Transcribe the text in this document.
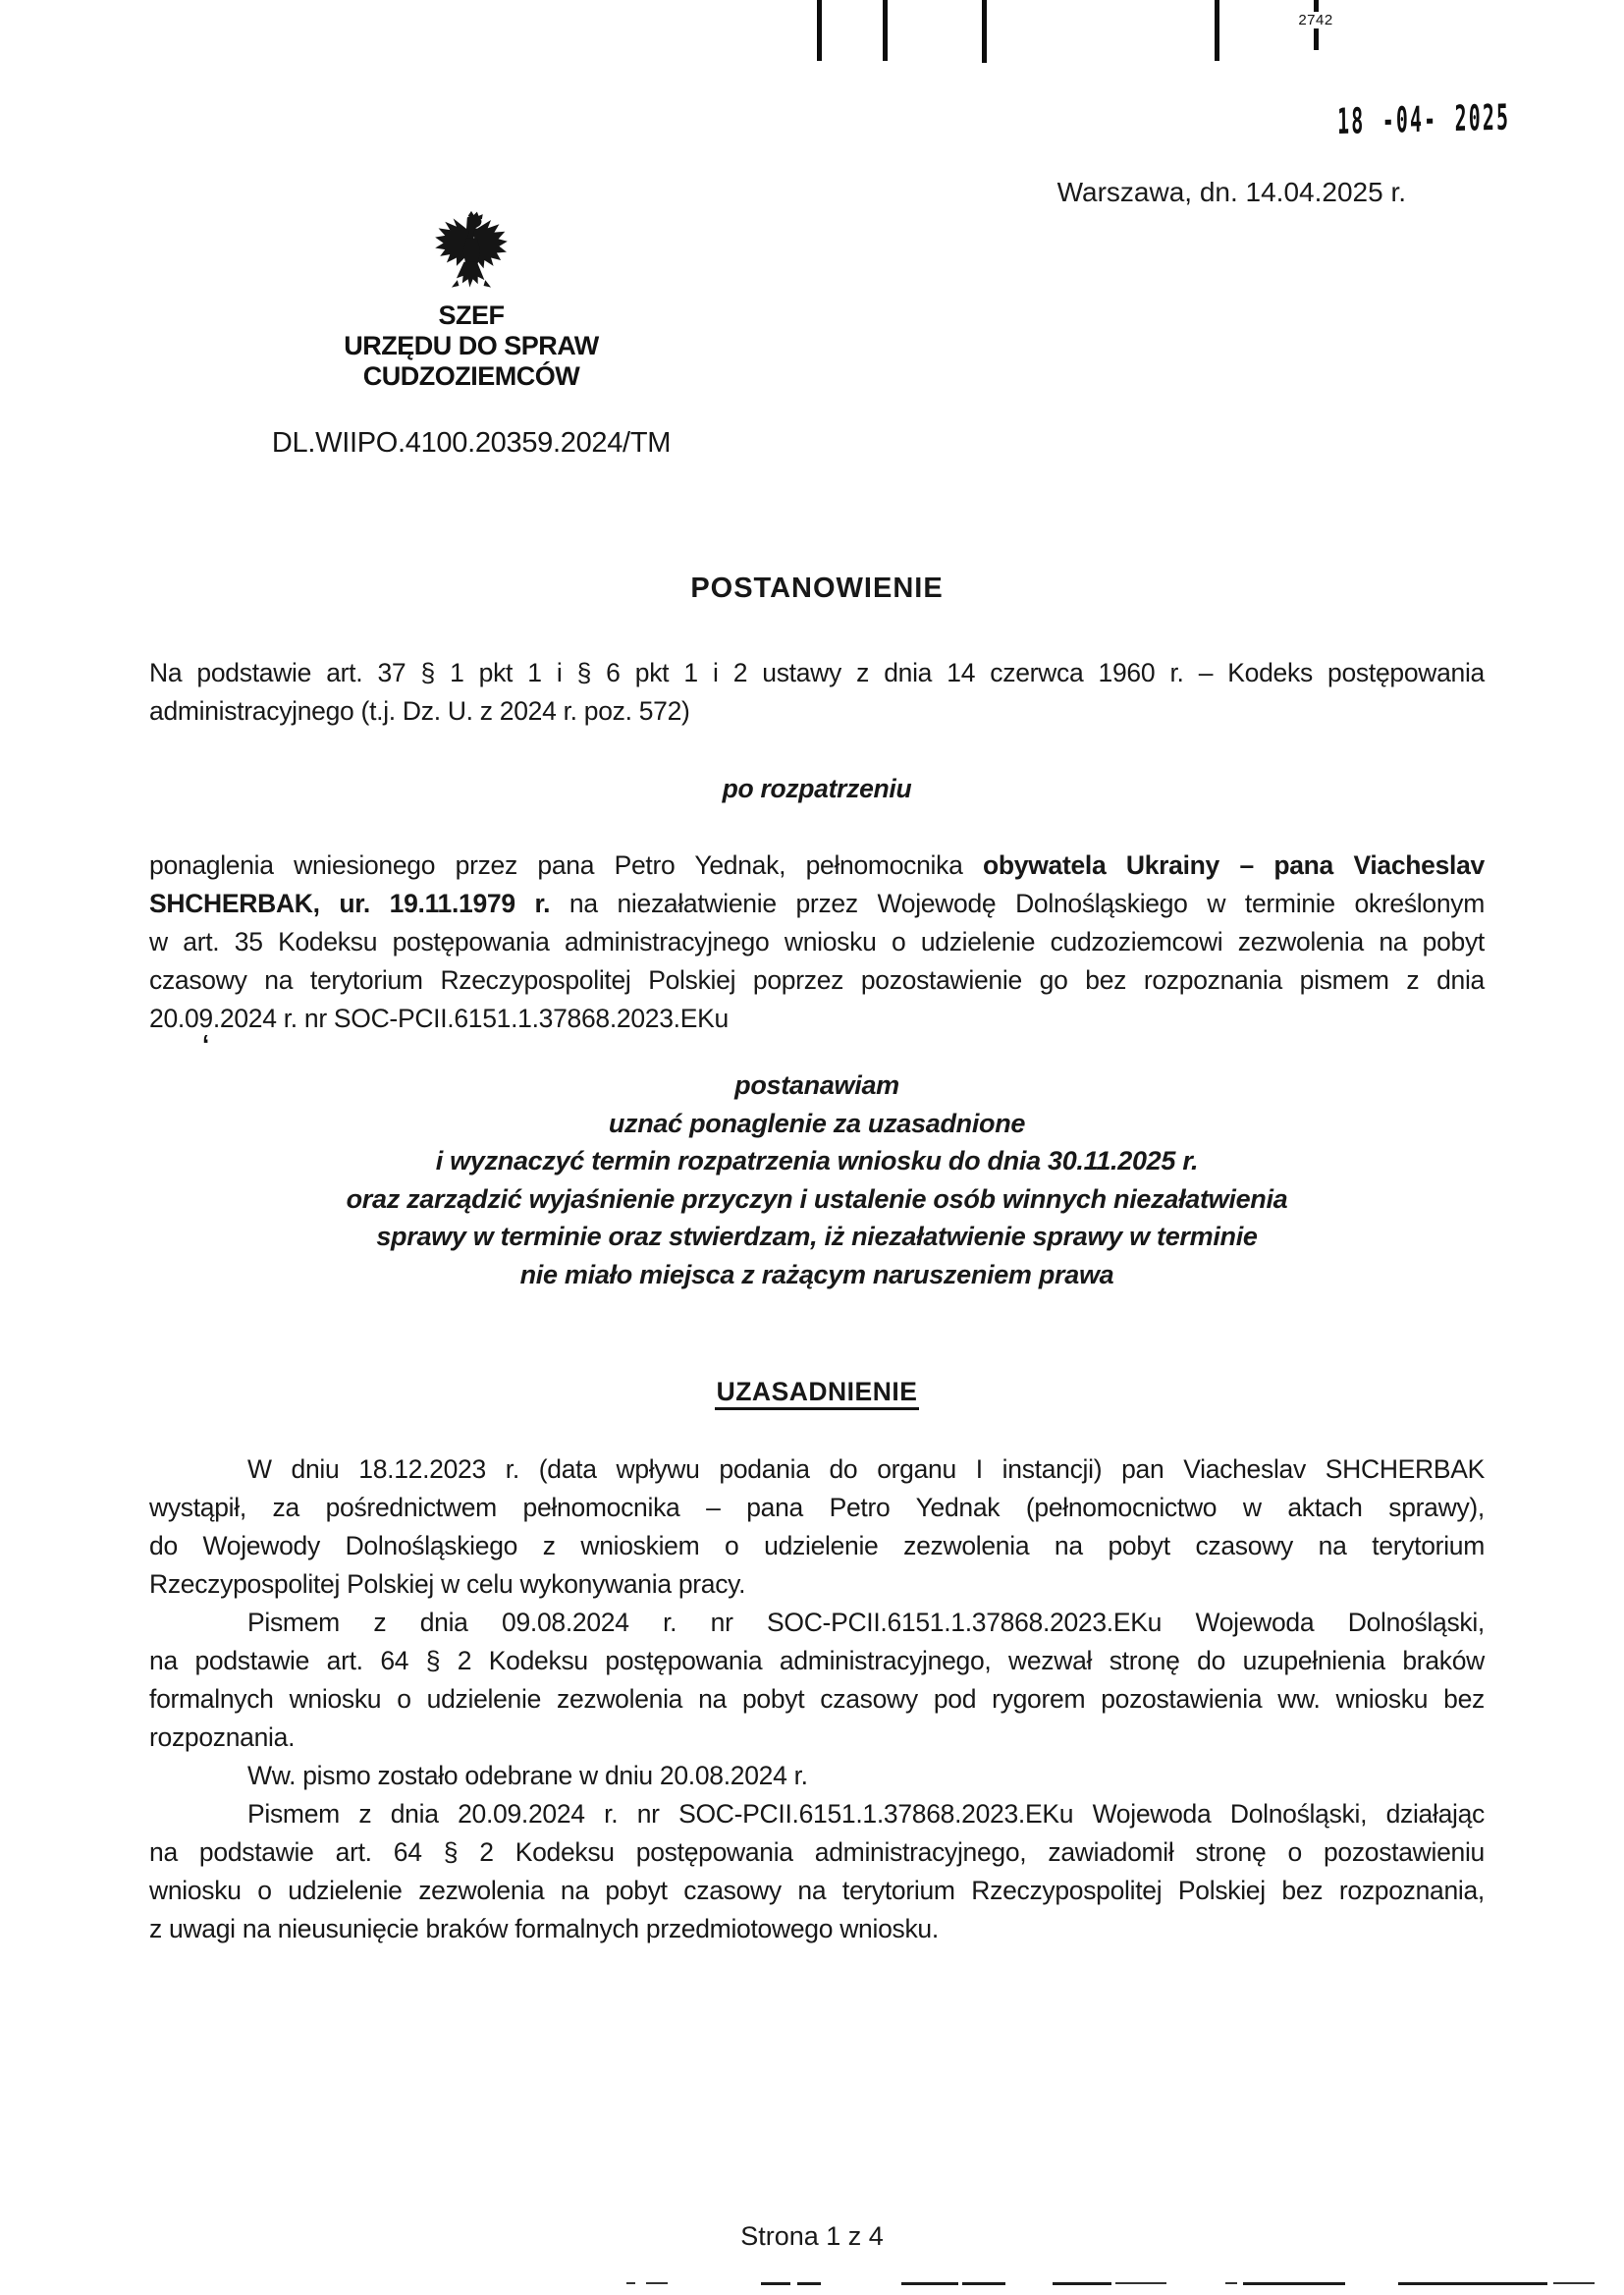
2742
18 -04- 2025
Warszawa, dn. 14.04.2025 r.
SZEF
URZĘDU DO SPRAW CUDZOZIEMCÓW
DL.WIIPO.4100.20359.2024/TM
POSTANOWIENIE
Na podstawie art. 37 § 1 pkt 1 i § 6 pkt 1 i 2 ustawy z dnia 14 czerwca 1960 r. – Kodeks postępowania
administracyjnego (t.j. Dz. U. z 2024 r. poz. 572)
po rozpatrzeniu
ponaglenia wniesionego przez pana Petro Yednak, pełnomocnika obywatela Ukrainy – pana Viacheslav
SHCHERBAK, ur. 19.11.1979 r. na niezałatwienie przez Wojewodę Dolnośląskiego w terminie określonym
w art. 35 Kodeksu postępowania administracyjnego wniosku o udzielenie cudzoziemcowi zezwolenia na pobyt
czasowy na terytorium Rzeczypospolitej Polskiej poprzez pozostawienie go bez rozpoznania pismem z dnia
20.09.2024 r. nr SOC-PCII.6151.1.37868.2023.EKu
postanawiam
uznać ponaglenie za uzasadnione
i wyznaczyć termin rozpatrzenia wniosku do dnia 30.11.2025 r.
oraz zarządzić wyjaśnienie przyczyn i ustalenie osób winnych niezałatwienia
sprawy w terminie oraz stwierdzam, iż niezałatwienie sprawy w terminie
nie miało miejsca z rażącym naruszeniem prawa
UZASADNIENIE
W dniu 18.12.2023 r. (data wpływu podania do organu I instancji) pan Viacheslav SHCHERBAK
wystąpił, za pośrednictwem pełnomocnika – pana Petro Yednak (pełnomocnictwo w aktach sprawy),
do Wojewody Dolnośląskiego z wnioskiem o udzielenie zezwolenia na pobyt czasowy na terytorium
Rzeczypospolitej Polskiej w celu wykonywania pracy.
Pismem z dnia 09.08.2024 r. nr SOC-PCII.6151.1.37868.2023.EKu Wojewoda Dolnośląski,
na podstawie art. 64 § 2 Kodeksu postępowania administracyjnego, wezwał stronę do uzupełnienia braków
formalnych wniosku o udzielenie zezwolenia na pobyt czasowy pod rygorem pozostawienia ww. wniosku bez
rozpoznania.
Ww. pismo zostało odebrane w dniu 20.08.2024 r.
Pismem z dnia 20.09.2024 r. nr SOC-PCII.6151.1.37868.2023.EKu Wojewoda Dolnośląski, działając
na podstawie art. 64 § 2 Kodeksu postępowania administracyjnego, zawiadomił stronę o pozostawieniu
wniosku o udzielenie zezwolenia na pobyt czasowy na terytorium Rzeczypospolitej Polskiej bez rozpoznania,
z uwagi na nieusunięcie braków formalnych przedmiotowego wniosku.
‘
Strona 1 z 4
